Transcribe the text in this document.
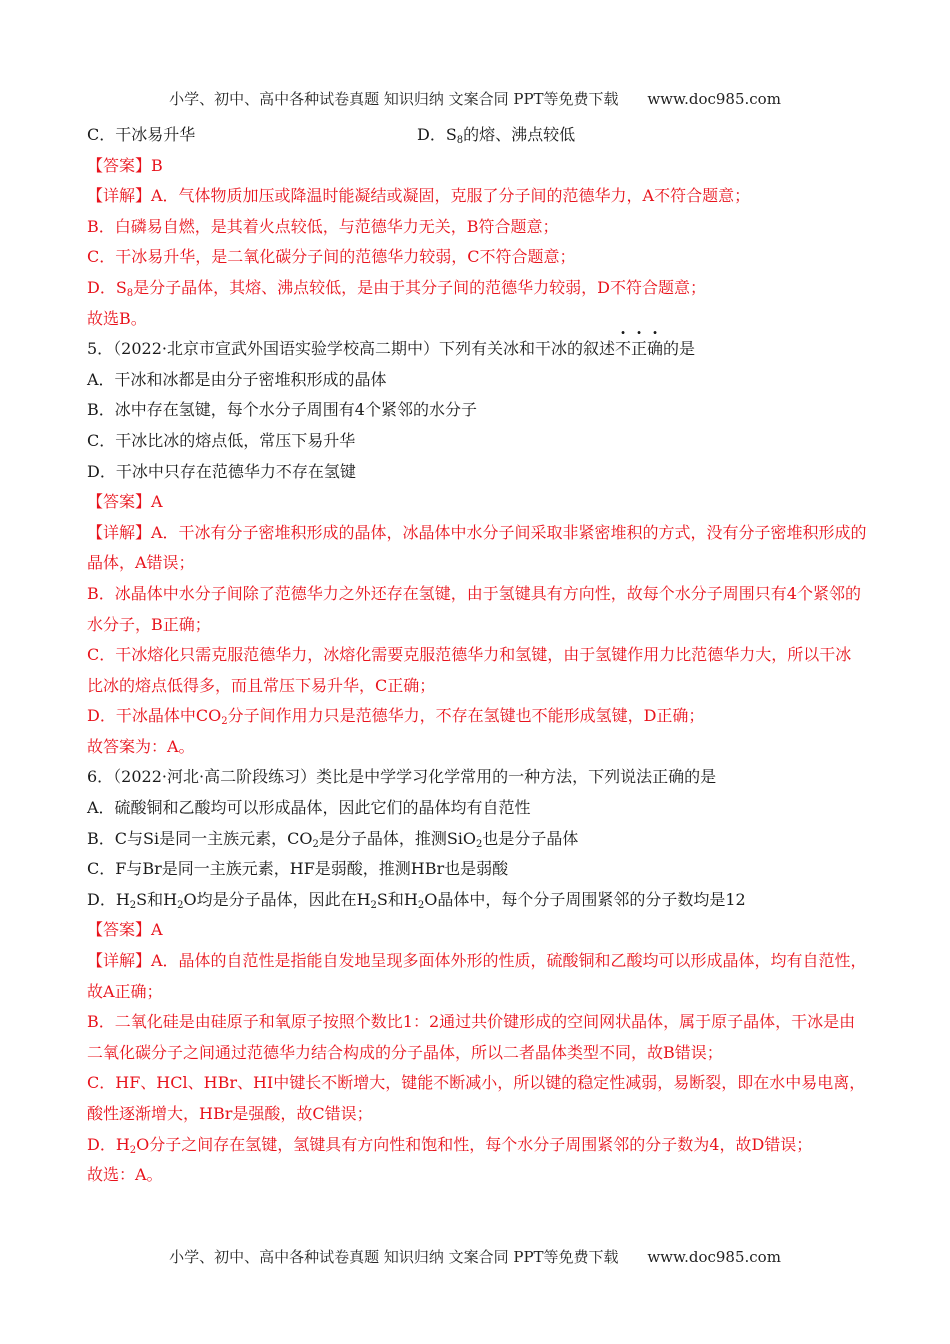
小学、初中、高中各种试卷真题 知识归纳 文案合同 PPT等免费下载 www.doc985.com
C．干冰易升华	D．$S_8$的熔、沸点较低
【答案】B
【详解】A．气体物质加压或降温时能凝结或凝固，克服了分子间的范德华力，A不符合题意；
B．白磷易自燃，是其着火点较低，与范德华力无关，B符合题意；
C．干冰易升华，是二氧化碳分子间的范德华力较弱，C不符合题意；
D．$S_8$是分子晶体，其熔、沸点较低，是由于其分子间的范德华力较弱，D不符合题意；
故选B。
5．（2022·北京市宣武外国语实验学校高二期中）下列有关冰和干冰的叙述不正确的是
A．干冰和冰都是由分子密堆积形成的晶体
B．冰中存在氢键，每个水分子周围有4个紧邻的水分子
C．干冰比冰的熔点低，常压下易升华
D．干冰中只存在范德华力不存在氢键
【答案】A
【详解】A．干冰有分子密堆积形成的晶体，冰晶体中水分子间采取非紧密堆积的方式，没有分子密堆积形成的晶体，A错误；
B．冰晶体中水分子间除了范德华力之外还存在氢键，由于氢键具有方向性，故每个水分子周围只有4个紧邻的水分子，B正确；
C．干冰熔化只需克服范德华力，冰熔化需要克服范德华力和氢键，由于氢键作用力比范德华力大，所以干冰比冰的熔点低得多，而且常压下易升华，C正确；
D．干冰晶体中$CO_2$分子间作用力只是范德华力，不存在氢键也不能形成氢键，D正确；
故答案为：A。
6．（2022·河北·高二阶段练习）类比是中学学习化学常用的一种方法，下列说法正确的是
A．硫酸铜和乙酸均可以形成晶体，因此它们的晶体均有自范性
B．C与Si是同一主族元素，$CO_2$是分子晶体，推测SiO$_2$也是分子晶体
C．F与Br是同一主族元素，HF是弱酸，推测HBr也是弱酸
D．$H_2S$和$H_2O$均是分子晶体，因此在$H_2S$和$H_2O$晶体中，每个分子周围紧邻的分子数均是12
【答案】A
【详解】A．晶体的自范性是指能自发地呈现多面体外形的性质，硫酸铜和乙酸均可以形成晶体，均有自范性，故A正确；
B．二氧化硅是由硅原子和氧原子按照个数比1：2通过共价键形成的空间网状晶体，属于原子晶体，干冰是由二氧化碳分子之间通过范德华力结合构成的分子晶体，所以二者晶体类型不同，故B错误；
C．HF、HCl、HBr、HI中键长不断增大，键能不断减小，所以键的稳定性减弱，易断裂，即在水中易电离，酸性逐渐增大，HBr是强酸，故C错误；
D．$H_2O$分子之间存在氢键，氢键具有方向性和饱和性，每个水分子周围紧邻的分子数为4，故D错误；
故选：A。
小学、初中、高中各种试卷真题 知识归纳 文案合同 PPT等免费下载 www.doc985.com
